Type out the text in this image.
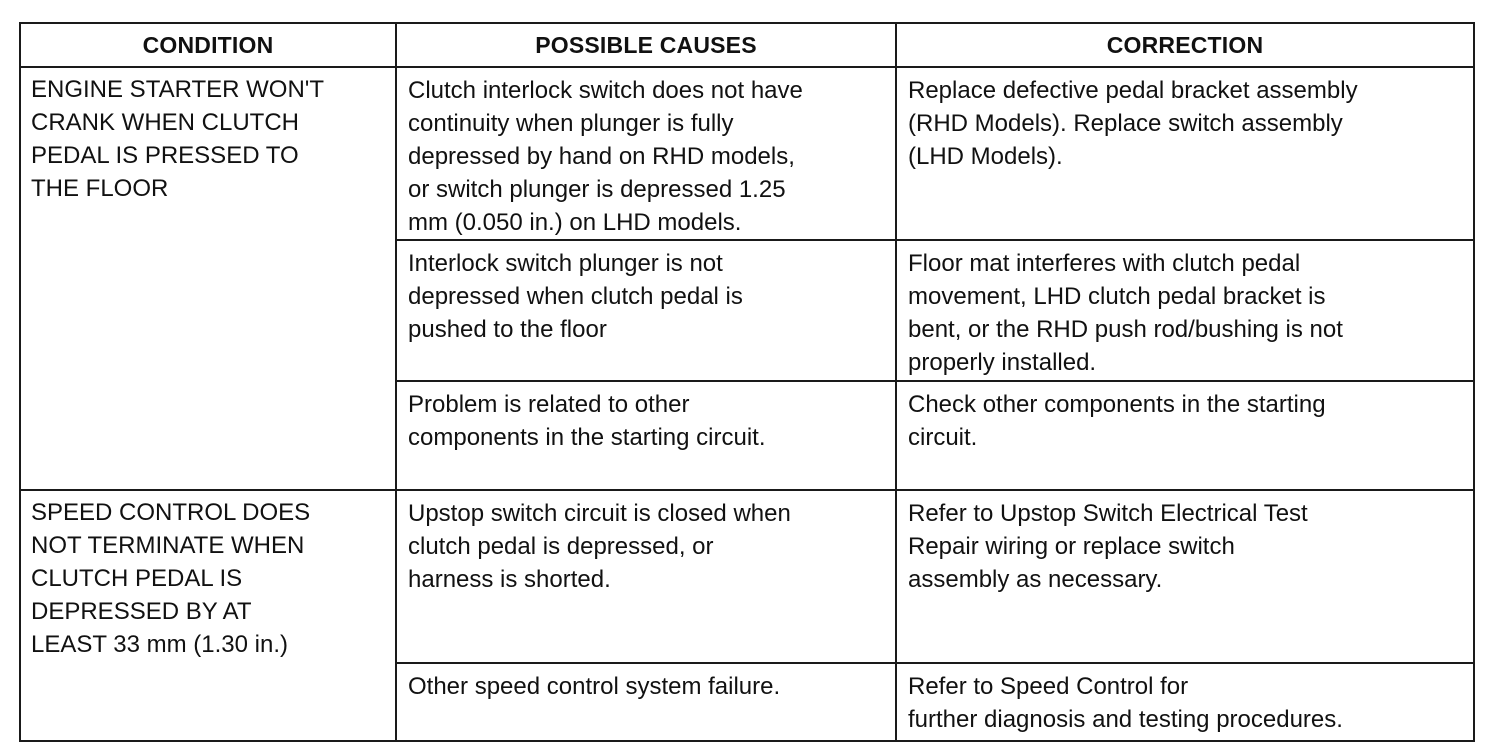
CONDITION	POSSIBLE CAUSES	CORRECTION

ENGINE STARTER WON'T
CRANK WHEN CLUTCH
PEDAL IS PRESSED TO
THE FLOOR	Clutch interlock switch does not have
continuity when plunger is fully
depressed by hand on RHD models,
or switch plunger is depressed 1.25
mm (0.050 in.) on LHD models.	Replace defective pedal bracket assembly
(RHD Models). Replace switch assembly
(LHD Models).

	Interlock switch plunger is not
depressed when clutch pedal is
pushed to the floor	Floor mat interferes with clutch pedal
movement, LHD clutch pedal bracket is
bent, or the RHD push rod/bushing is not
properly installed.

	Problem is related to other
components in the starting circuit.	Check other components in the starting
circuit.

SPEED CONTROL DOES
NOT TERMINATE WHEN
CLUTCH PEDAL IS
DEPRESSED BY AT
LEAST 33 mm (1.30 in.)	Upstop switch circuit is closed when
clutch pedal is depressed, or
harness is shorted.	Refer to Upstop Switch Electrical Test
Repair wiring or replace switch
assembly as necessary.

	Other speed control system failure.	Refer to Speed Control for
further diagnosis and testing procedures.
